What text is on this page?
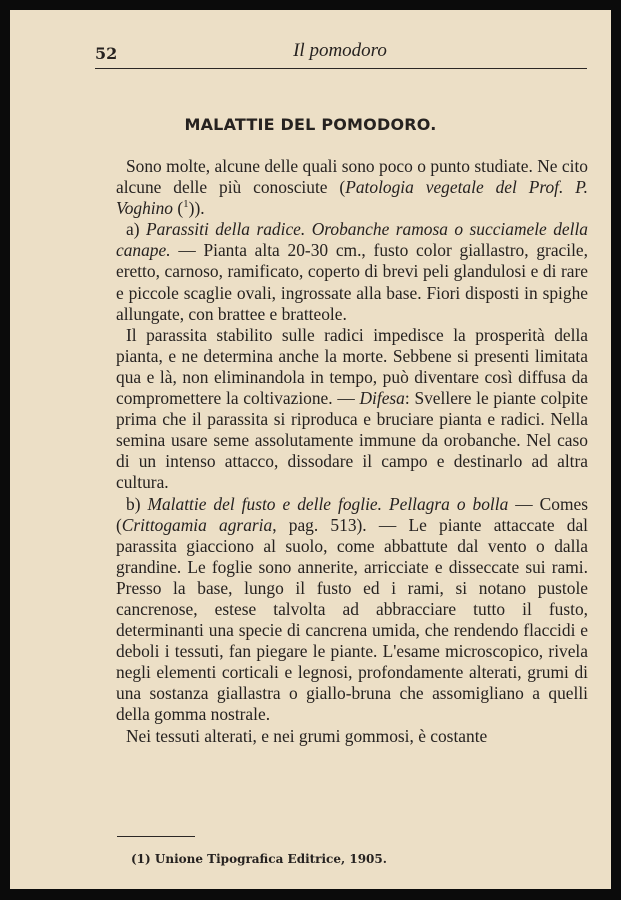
52	Il pomodoro
MALATTIE DEL POMODORO.

Sono molte, alcune delle quali sono poco o punto studiate. Ne cito alcune delle più conosciute (Patologia vegetale del Prof. P. Voghino ($^1$)).

a) Parassiti della radice. Orobanche ramosa o succiamele della canape. — Pianta alta 20-30 cm., fusto color giallastro, gracile, eretto, carnoso, ramificato, coperto di brevi peli glandulosi e di rare e piccole scaglie ovali, ingrossate alla base. Fiori disposti in spighe allungate, con brattee e bratteole.

Il parassita stabilito sulle radici impedisce la prosperità della pianta, e ne determina anche la morte. Sebbene si presenti limitata qua e là, non eliminandola in tempo, può diventare così diffusa da compromettere la coltivazione. — Difesa: Svellere le piante colpite prima che il parassita si riproduca e bruciare pianta e radici. Nella semina usare seme assolutamente immune da orobanche. Nel caso di un intenso attacco, dissodare il campo e destinarlo ad altra cultura.

b) Malattie del fusto e delle foglie. Pellagra o bolla — Comes (Crittogamia agraria, pag. 513). — Le piante attaccate dal parassita giacciono al suolo, come abbattute dal vento o dalla grandine. Le foglie sono annerite, arricciate e disseccate sui rami. Presso la base, lungo il fusto ed i rami, si notano pustole cancrenose, estese talvolta ad abbracciare tutto il fusto, determinanti una specie di cancrena umida, che rendendo flaccidi e deboli i tessuti, fan piegare le piante. L'esame microscopico, rivela negli elementi corticali e legnosi, profondamente alterati, grumi di una sostanza giallastra o giallo-bruna che assomigliano a quelli della gomma nostrale.

Nei tessuti alterati, e nei grumi gommosi, è costante

(1) Unione Tipografica Editrice, 1905.
